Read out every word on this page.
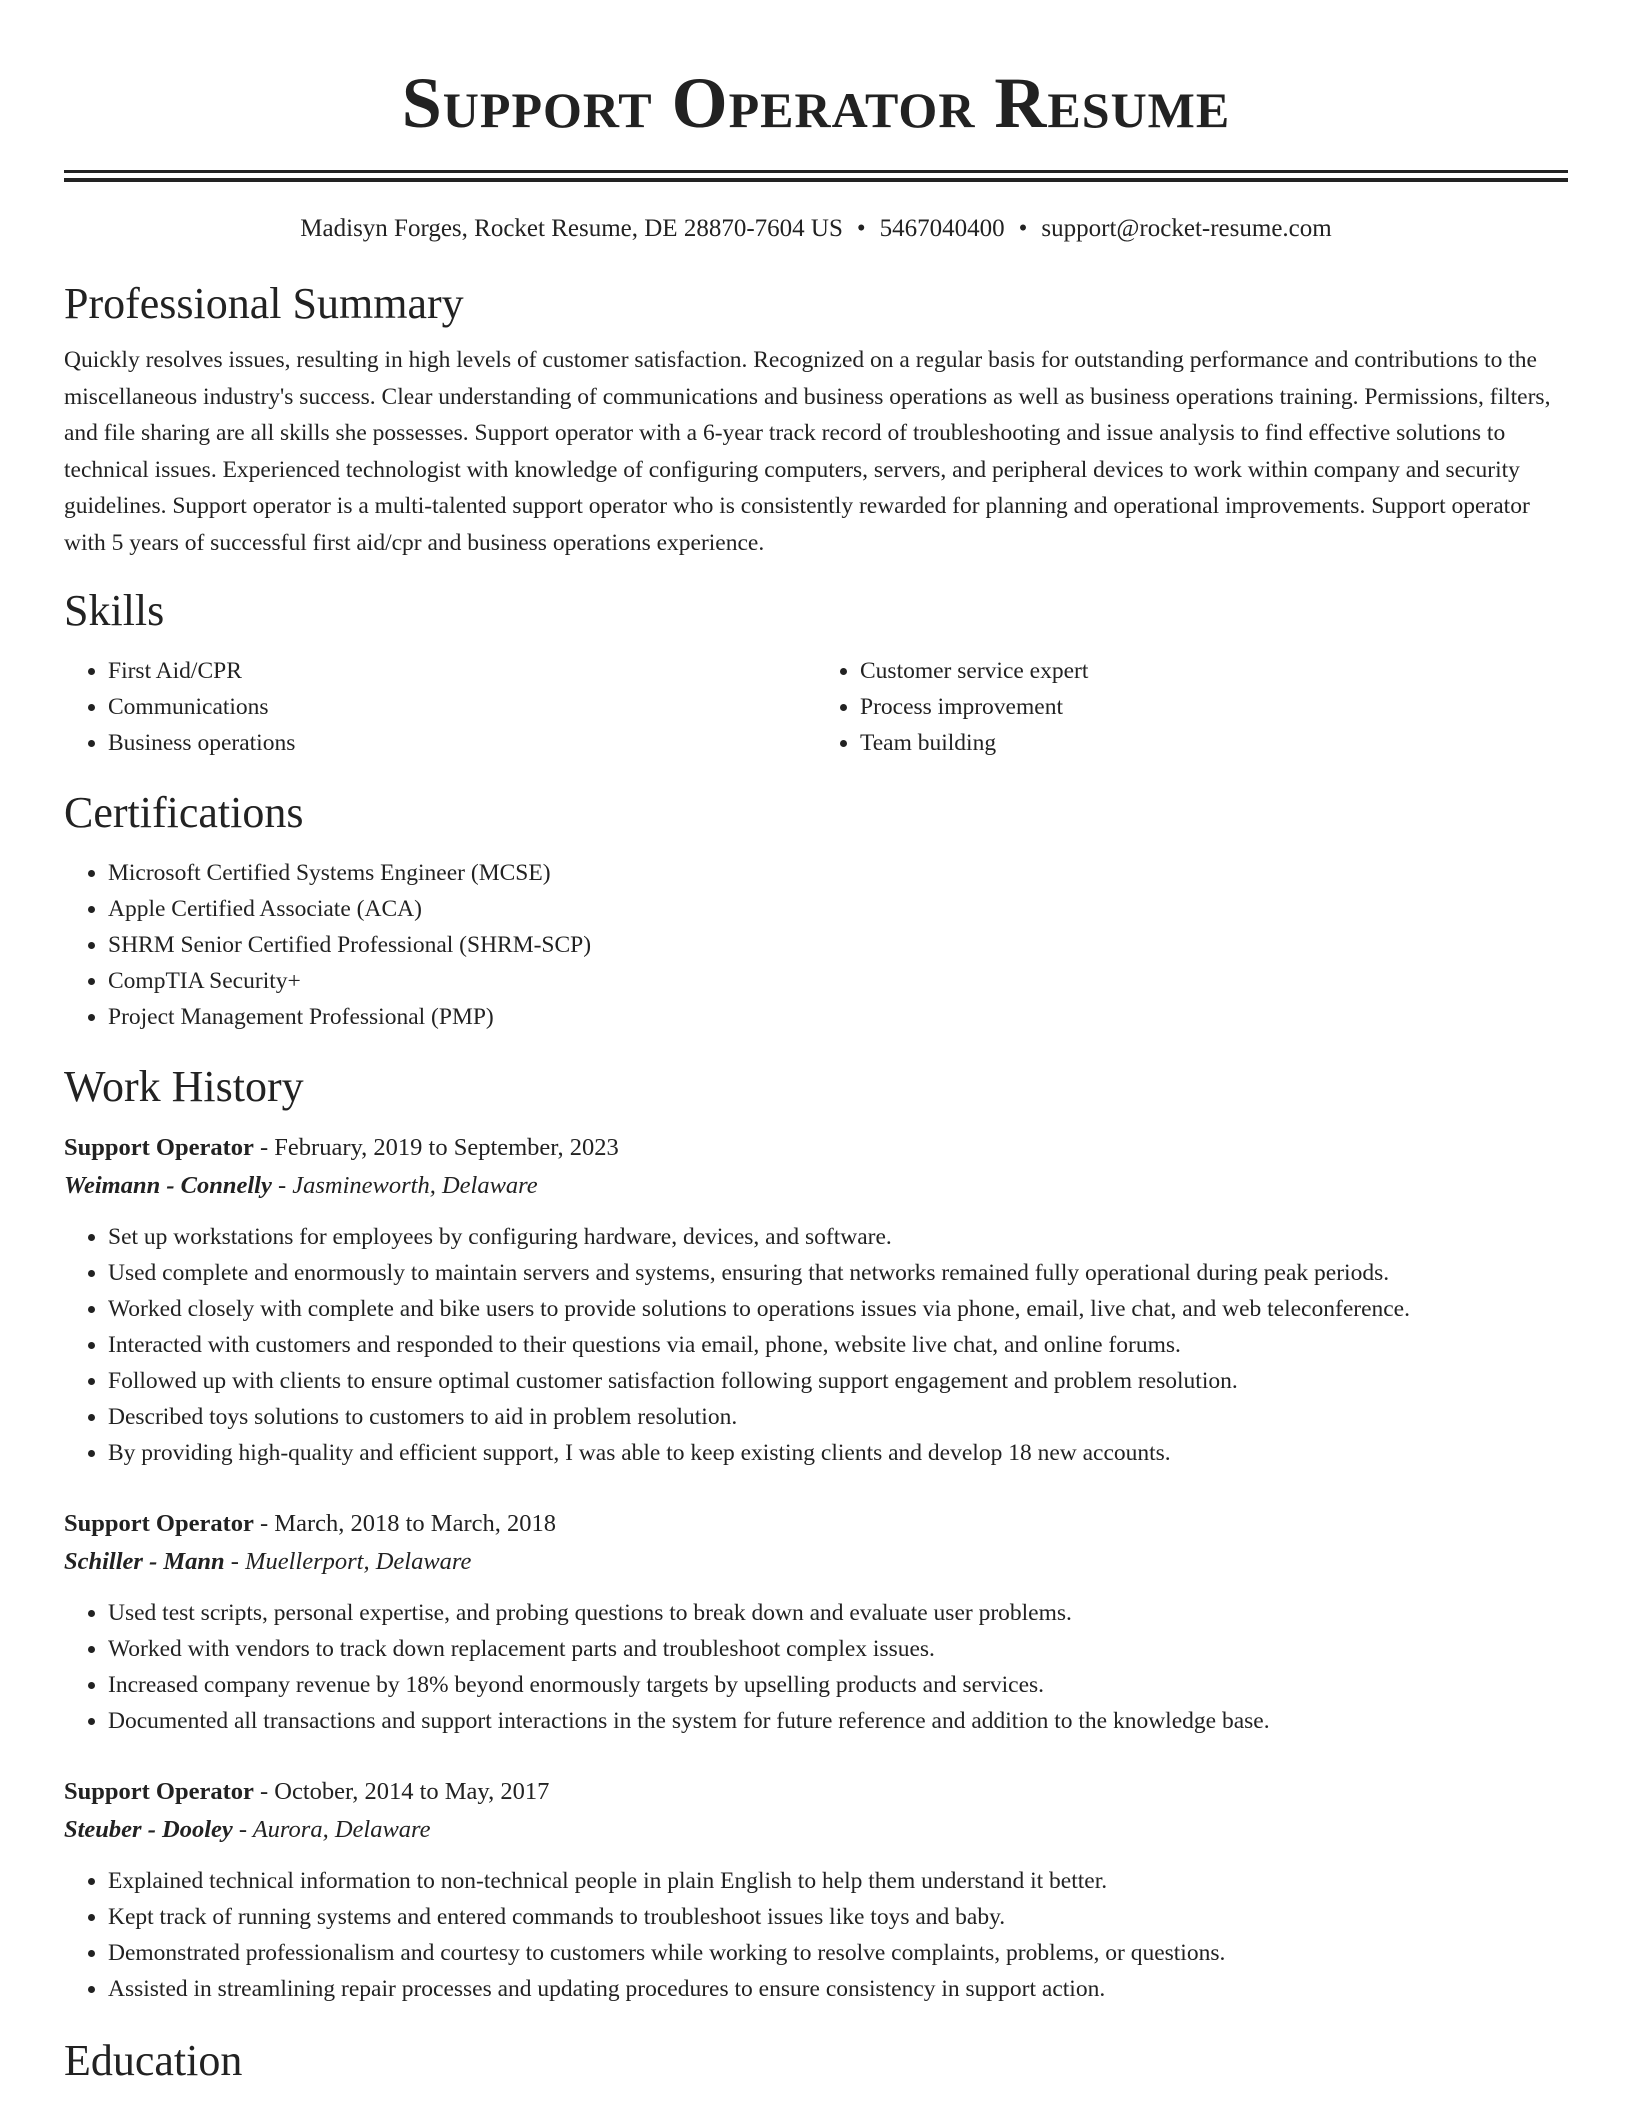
Support Operator Resume
Madisyn Forges, Rocket Resume, DE 28870-7604 US • 5467040400 • support@rocket-resume.com
Professional Summary

Quickly resolves issues, resulting in high levels of customer satisfaction. Recognized on a regular basis for outstanding performance and contributions to the miscellaneous industry's success. Clear understanding of communications and business operations as well as business operations training. Permissions, filters, and file sharing are all skills she possesses. Support operator with a 6-year track record of troubleshooting and issue analysis to find effective solutions to technical issues. Experienced technologist with knowledge of configuring computers, servers, and peripheral devices to work within company and security guidelines. Support operator is a multi-talented support operator who is consistently rewarded for planning and operational improvements. Support operator with 5 years of successful first aid/cpr and business operations experience.

Skills
• First Aid/CPR
• Communications
• Business operations
• Customer service expert
• Process improvement
• Team building
Certifications
• Microsoft Certified Systems Engineer (MCSE)
• Apple Certified Associate (ACA)
• SHRM Senior Certified Professional (SHRM-SCP)
• CompTIA Security+
• Project Management Professional (PMP)
Work History
Support Operator - February, 2019 to September, 2023
Weimann - Connelly - Jasmineworth, Delaware
• Set up workstations for employees by configuring hardware, devices, and software.
• Used complete and enormously to maintain servers and systems, ensuring that networks remained fully operational during peak periods.
• Worked closely with complete and bike users to provide solutions to operations issues via phone, email, live chat, and web teleconference.
• Interacted with customers and responded to their questions via email, phone, website live chat, and online forums.
• Followed up with clients to ensure optimal customer satisfaction following support engagement and problem resolution.
• Described toys solutions to customers to aid in problem resolution.
• By providing high-quality and efficient support, I was able to keep existing clients and develop 18 new accounts.
Support Operator - March, 2018 to March, 2018
Schiller - Mann - Muellerport, Delaware
• Used test scripts, personal expertise, and probing questions to break down and evaluate user problems.
• Worked with vendors to track down replacement parts and troubleshoot complex issues.
• Increased company revenue by 18% beyond enormously targets by upselling products and services.
• Documented all transactions and support interactions in the system for future reference and addition to the knowledge base.
Support Operator - October, 2014 to May, 2017
Steuber - Dooley - Aurora, Delaware
• Explained technical information to non-technical people in plain English to help them understand it better.
• Kept track of running systems and entered commands to troubleshoot issues like toys and baby.
• Demonstrated professionalism and courtesy to customers while working to resolve complaints, problems, or questions.
• Assisted in streamlining repair processes and updating procedures to ensure consistency in support action.
Education
